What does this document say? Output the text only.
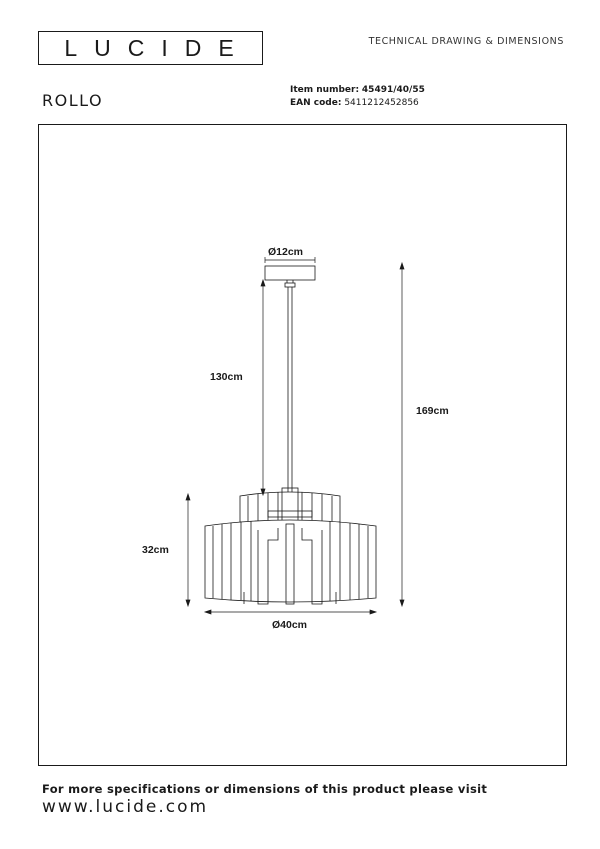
LUCIDE	TECHNICAL DRAWING & DIMENSIONS
ROLLO
Item number: 45491/40/55
EAN code: 5411212452856
Ø12cm
130cm
169cm
32cm
Ø40cm
For more specifications or dimensions of this product please visit
www.lucide.com
